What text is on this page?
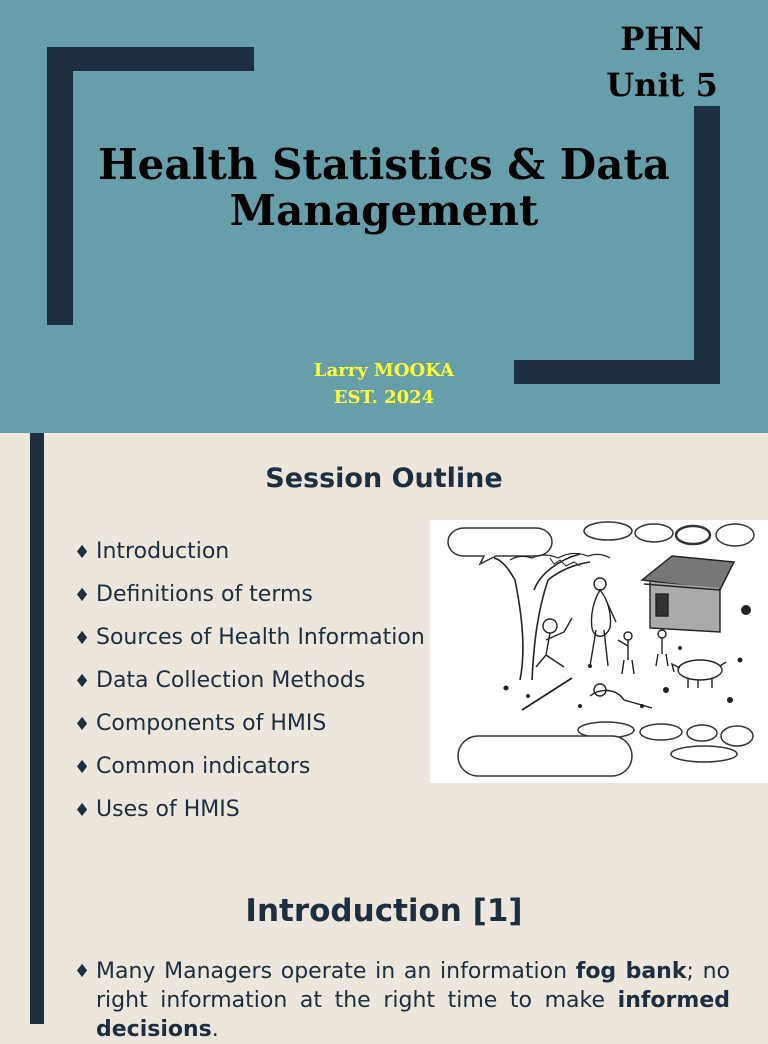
PHN
Unit 5
Health Statistics & Data Management
Larry MOOKA
EST. 2024
Session Outline
♦ Introduction
♦ Definitions of terms
♦ Sources of Health Information
♦ Data Collection Methods
♦ Components of HMIS
♦ Common indicators
♦ Uses of HMIS
Introduction [1]
♦ Many Managers operate in an information fog bank; no right information at the right time to make informed decisions.
